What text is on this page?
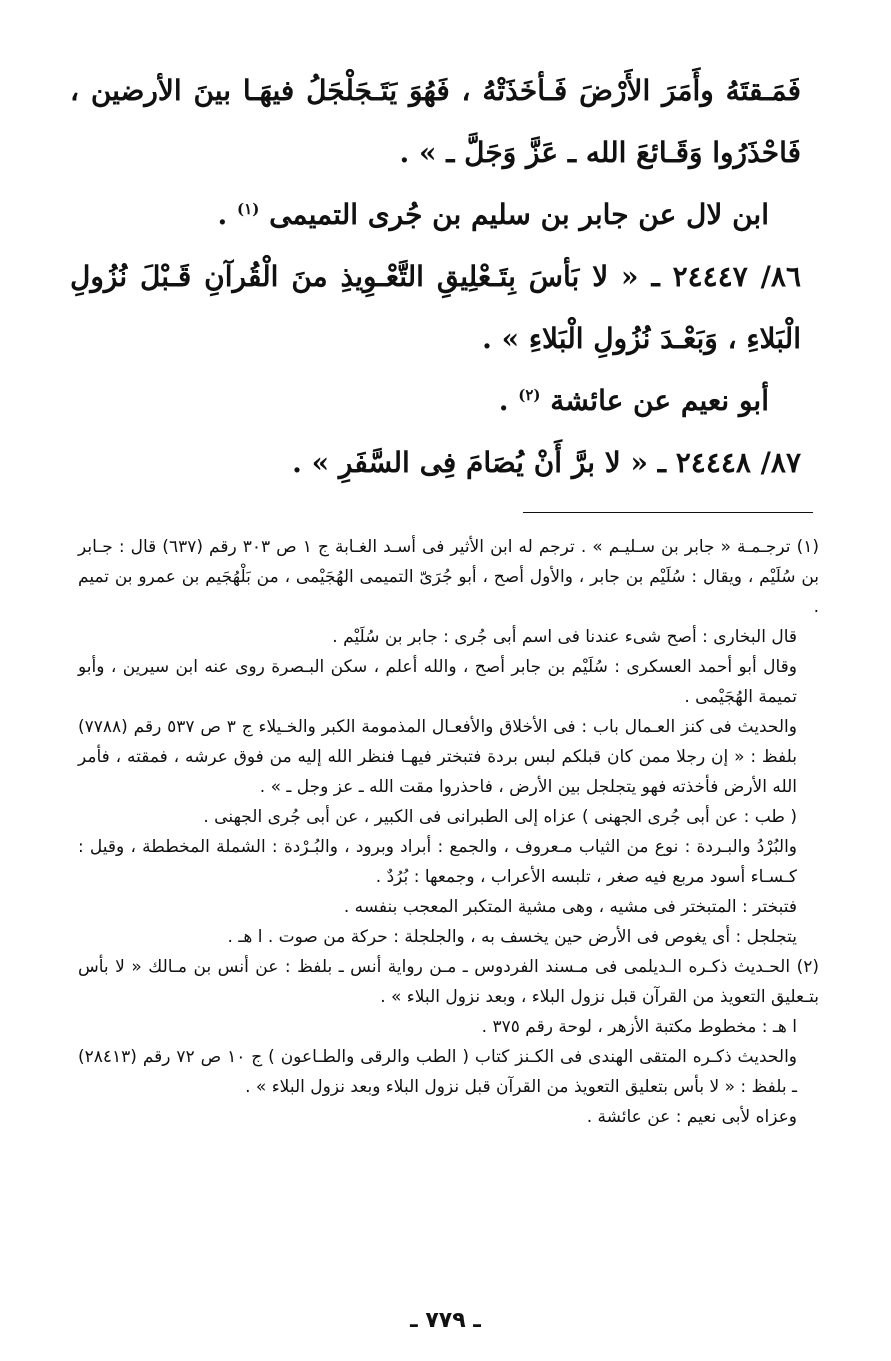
فَمَـقتَهُ وأَمَرَ الأَرْضَ فَـأخَذَتْهُ ، فَهُوَ يَتَـجَلْجَلُ فيهَـا بينَ الأرضين ، فَاحْذَرُوا وَقَـائعَ الله ـ عَزَّ وَجَلَّ ـ » .

ابن لال عن جابر بن سليم بن جُرى التميمى $^{(١)}$ .

٨٦/ ٢٤٤٤٧ ـ « لا بَأسَ بِتَـعْلِيقِ التَّعْـوِيذِ منَ الْقُرآنِ قَـبْلَ نُزُولِ الْبَلاءِ ، وَبَعْـدَ نُزُولِ الْبَلاءِ » .

أبو نعيم عن عائشة $^{(٢)}$ .

٨٧/ ٢٤٤٤٨ ـ « لا برَّ أَنْ يُصَامَ فِى السَّفَرِ » .

(١) ترجـمـة « جابر بن سـليـم » . ترجم له ابن الأثير فى أسـد الغـابة ج ١ ص ٣٠٣ رقم (٦٣٧) قال : جـابر بن سُلَيْم ، ويقال : سُلَيْم بن جابر ، والأول أصح ، أبو جُرَىّ التميمى الهُجَيْمى ، من بَلْهُجَيم بن عمرو بن تميم .

قال البخارى : أصح شىء عندنا فى اسم أبى جُرى : جابر بن سُلَيْم .

وقال أبو أحمد العسكرى : سُلَيْم بن جابر أصح ، والله أعلم ، سكن البـصرة روى عنه ابن سيرين ، وأبو تميمة الهُجَيْمى .

والحديث فى كنز العـمال باب : فى الأخلاق والأفعـال المذمومة الكبر والخـيلاء ج ٣ ص ٥٣٧ رقم (٧٧٨٨) بلفظ : « إن رجلا ممن كان قبلكم لبس بردة فتبختر فيهـا فنظر الله إليه من فوق عرشه ، فمقته ، فأمر الله الأرض فأخذته فهو يتجلجل بين الأرض ، فاحذروا مقت الله ـ عز وجل ـ » .

( طب : عن أبى جُرى الجهنى ) عزاه إلى الطبرانى فى الكبير ، عن أبى جُرى الجهنى .

والبُرْدُ والبـردة : نوع من الثياب مـعروف ، والجمع : أبراد وبرود ، والبُـرْدة : الشملة المخططة ، وقيل : كـسـاء أسود مربع فيه صغر ، تلبسه الأعراب ، وجمعها : بُرُدٌ .

فتبختر : المتبختر فى مشيه ، وهى مشية المتكبر المعجب بنفسه .

يتجلجل : أى يغوص فى الأرض حين يخسف به ، والجلجلة : حركة من صوت . ا هـ .

(٢) الحـديث ذكـره الـديلمى فى مـسند الفردوس ـ مـن رواية أنس ـ بلفظ : عن أنس بن مـالك « لا بأس بتـعليق التعويذ من القرآن قبل نزول البلاء ، وبعد نزول البلاء » .

ا هـ : مخطوط مكتبة الأزهر ، لوحة رقم ٣٧٥ .

والحديث ذكـره المتقى الهندى فى الكـنز كتاب ( الطب والرقى والطـاعون ) ج ١٠ ص ٧٢ رقم (٢٨٤١٣) ـ بلفظ : « لا بأس بتعليق التعويذ من القرآن قبل نزول البلاء وبعد نزول البلاء » .

وعزاه لأبى نعيم : عن عائشة .

ـ ٧٧٩ ـ
